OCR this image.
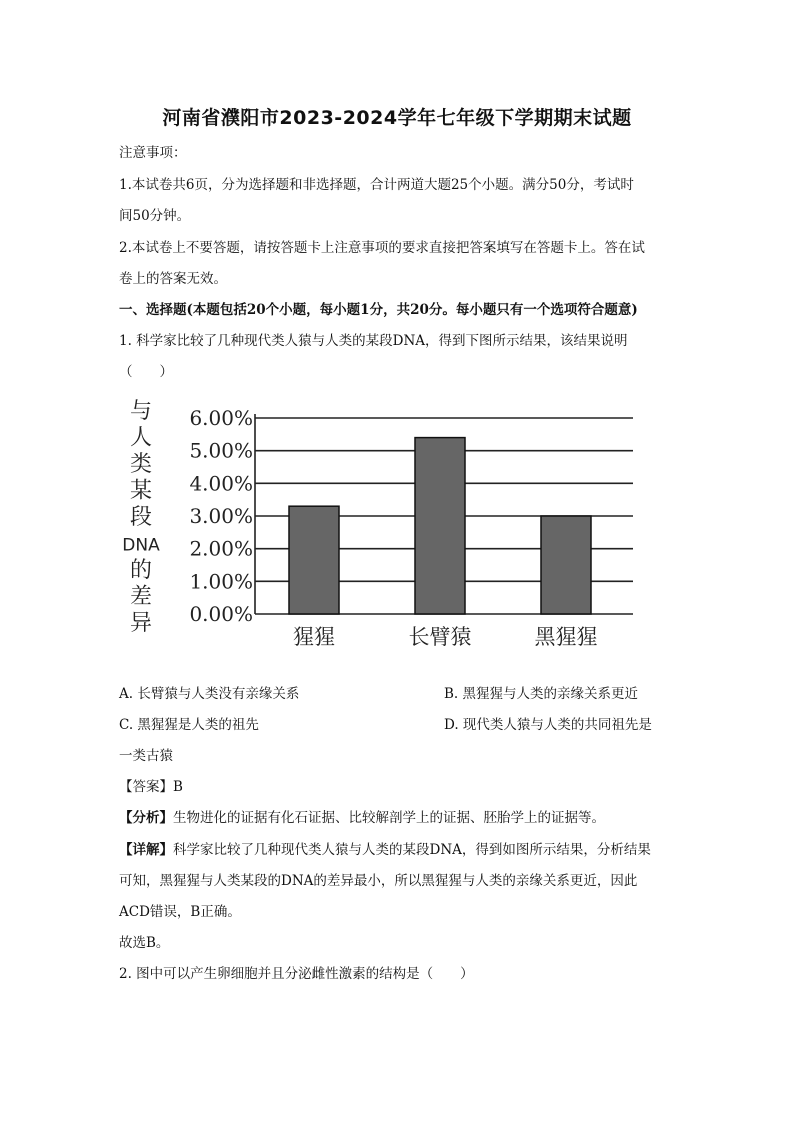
河南省濮阳市2023-2024学年七年级下学期期末试题
注意事项：
1.本试卷共6页，分为选择题和非选择题，合计两道大题25个小题。满分50分，考试时
间50分钟。
2.本试卷上不要答题，请按答题卡上注意事项的要求直接把答案填写在答题卡上。答在试
卷上的答案无效。
一、选择题(本题包括20个小题，每小题1分，共20分。每小题只有一个选项符合题意)
1. 科学家比较了几种现代类人猿与人类的某段DNA，得到下图所示结果，该结果说明
（　　）
与
人
类
某
段
DNA
的
差
异 0.00%
1.00%
2.00%
3.00%
4.00%
5.00%
6.00%
猩猩	长臂猿	黑猩猩
A. 长臂猿与人类没有亲缘关系	B. 黑猩猩与人类的亲缘关系更近
C. 黑猩猩是人类的祖先	D. 现代类人猿与人类的共同祖先是
一类古猿
【答案】B
【分析】生物进化的证据有化石证据、比较解剖学上的证据、胚胎学上的证据等。
【详解】科学家比较了几种现代类人猿与人类的某段DNA，得到如图所示结果，分析结果
可知，黑猩猩与人类某段的DNA的差异最小，所以黑猩猩与人类的亲缘关系更近，因此
ACD错误，B正确。
故选B。
2. 图中可以产生卵细胞并且分泌雌性激素的结构是（　　）
